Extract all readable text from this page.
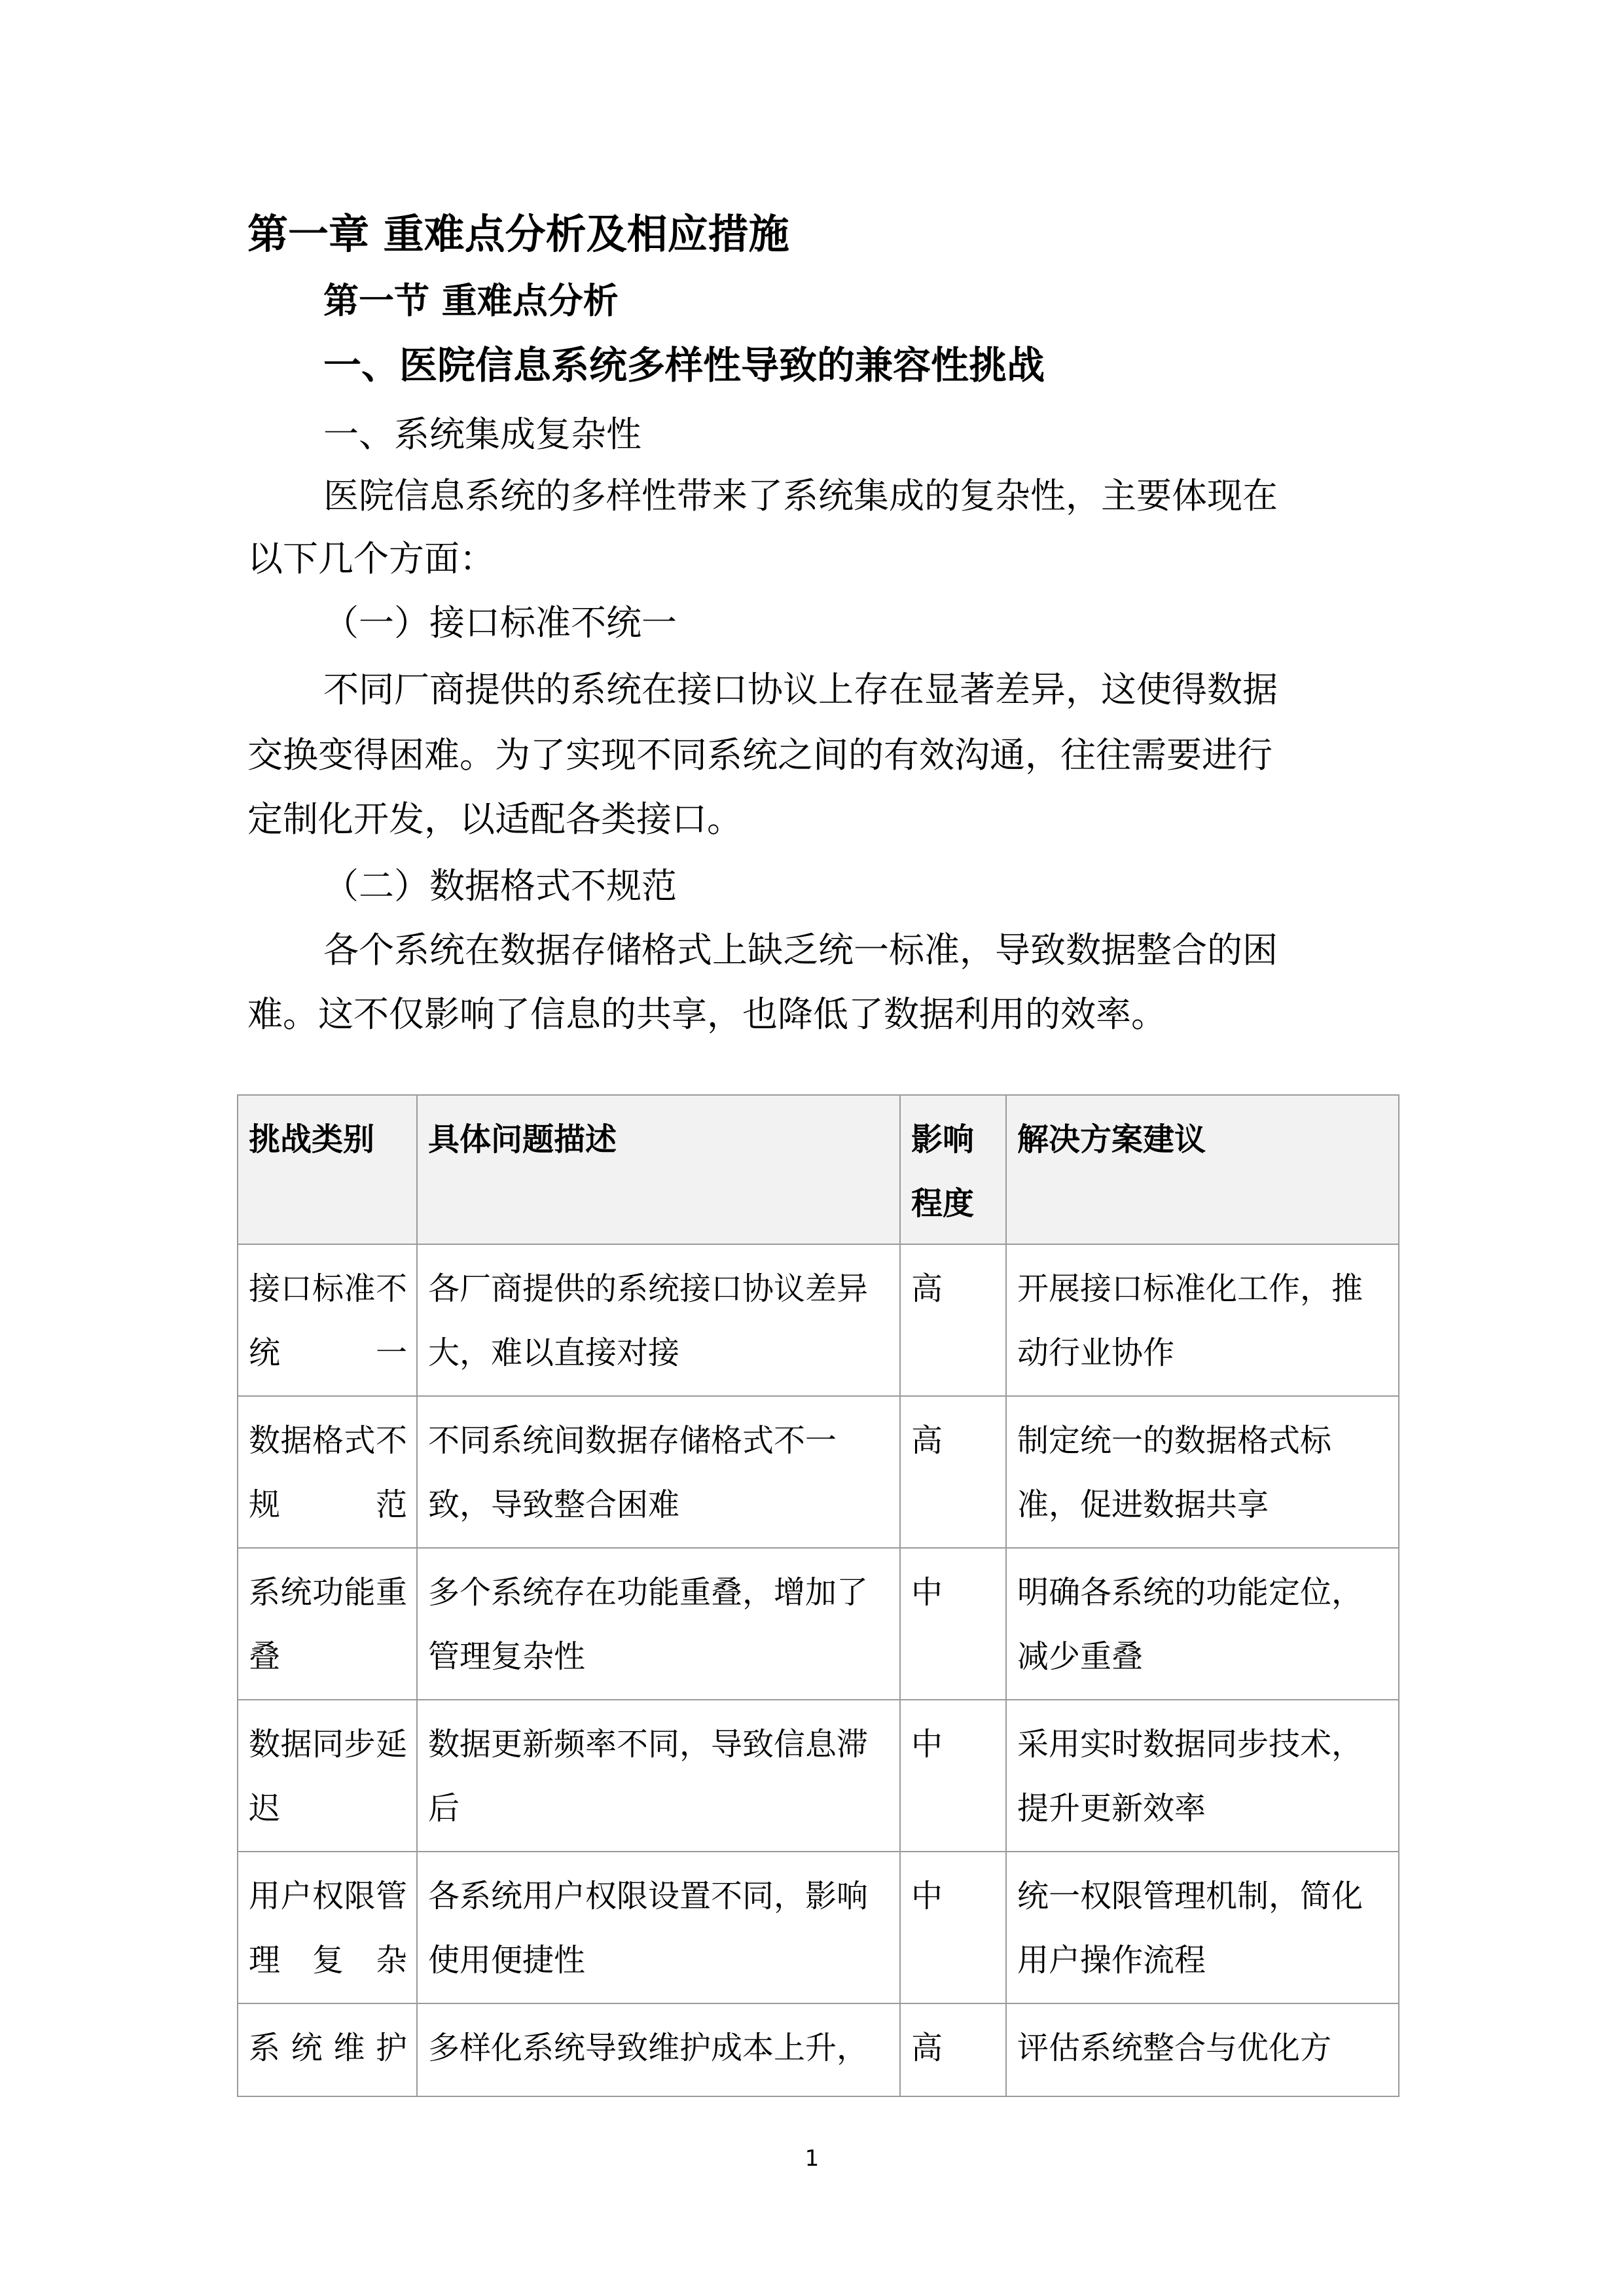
第一章 重难点分析及相应措施
第一节 重难点分析
一、医院信息系统多样性导致的兼容性挑战
一、系统集成复杂性
医院信息系统的多样性带来了系统集成的复杂性，主要体现在
以下几个方面：
（一）接口标准不统一
不同厂商提供的系统在接口协议上存在显著差异，这使得数据
交换变得困难。为了实现不同系统之间的有效沟通，往往需要进行
定制化开发，以适配各类接口。
（二）数据格式不规范
各个系统在数据存储格式上缺乏统一标准，导致数据整合的困
难。这不仅影响了信息的共享，也降低了数据利用的效率。
挑战类别	具体问题描述	影响程度	解决方案建议
接口标准不统一	各厂商提供的系统接口协议差异大，难以直接对接	高	开展接口标准化工作，推动行业协作
数据格式不规范	不同系统间数据存储格式不一致，导致整合困难	高	制定统一的数据格式标准，促进数据共享
系统功能重叠	多个系统存在功能重叠，增加了管理复杂性	中	明确各系统的功能定位，减少重叠
数据同步延迟	数据更新频率不同，导致信息滞后	中	采用实时数据同步技术，提升更新效率
用户权限管理复杂	各系统用户权限设置不同，影响使用便捷性	中	统一权限管理机制，简化用户操作流程
系统维护	多样化系统导致维护成本上升，	高	评估系统整合与优化方
1
